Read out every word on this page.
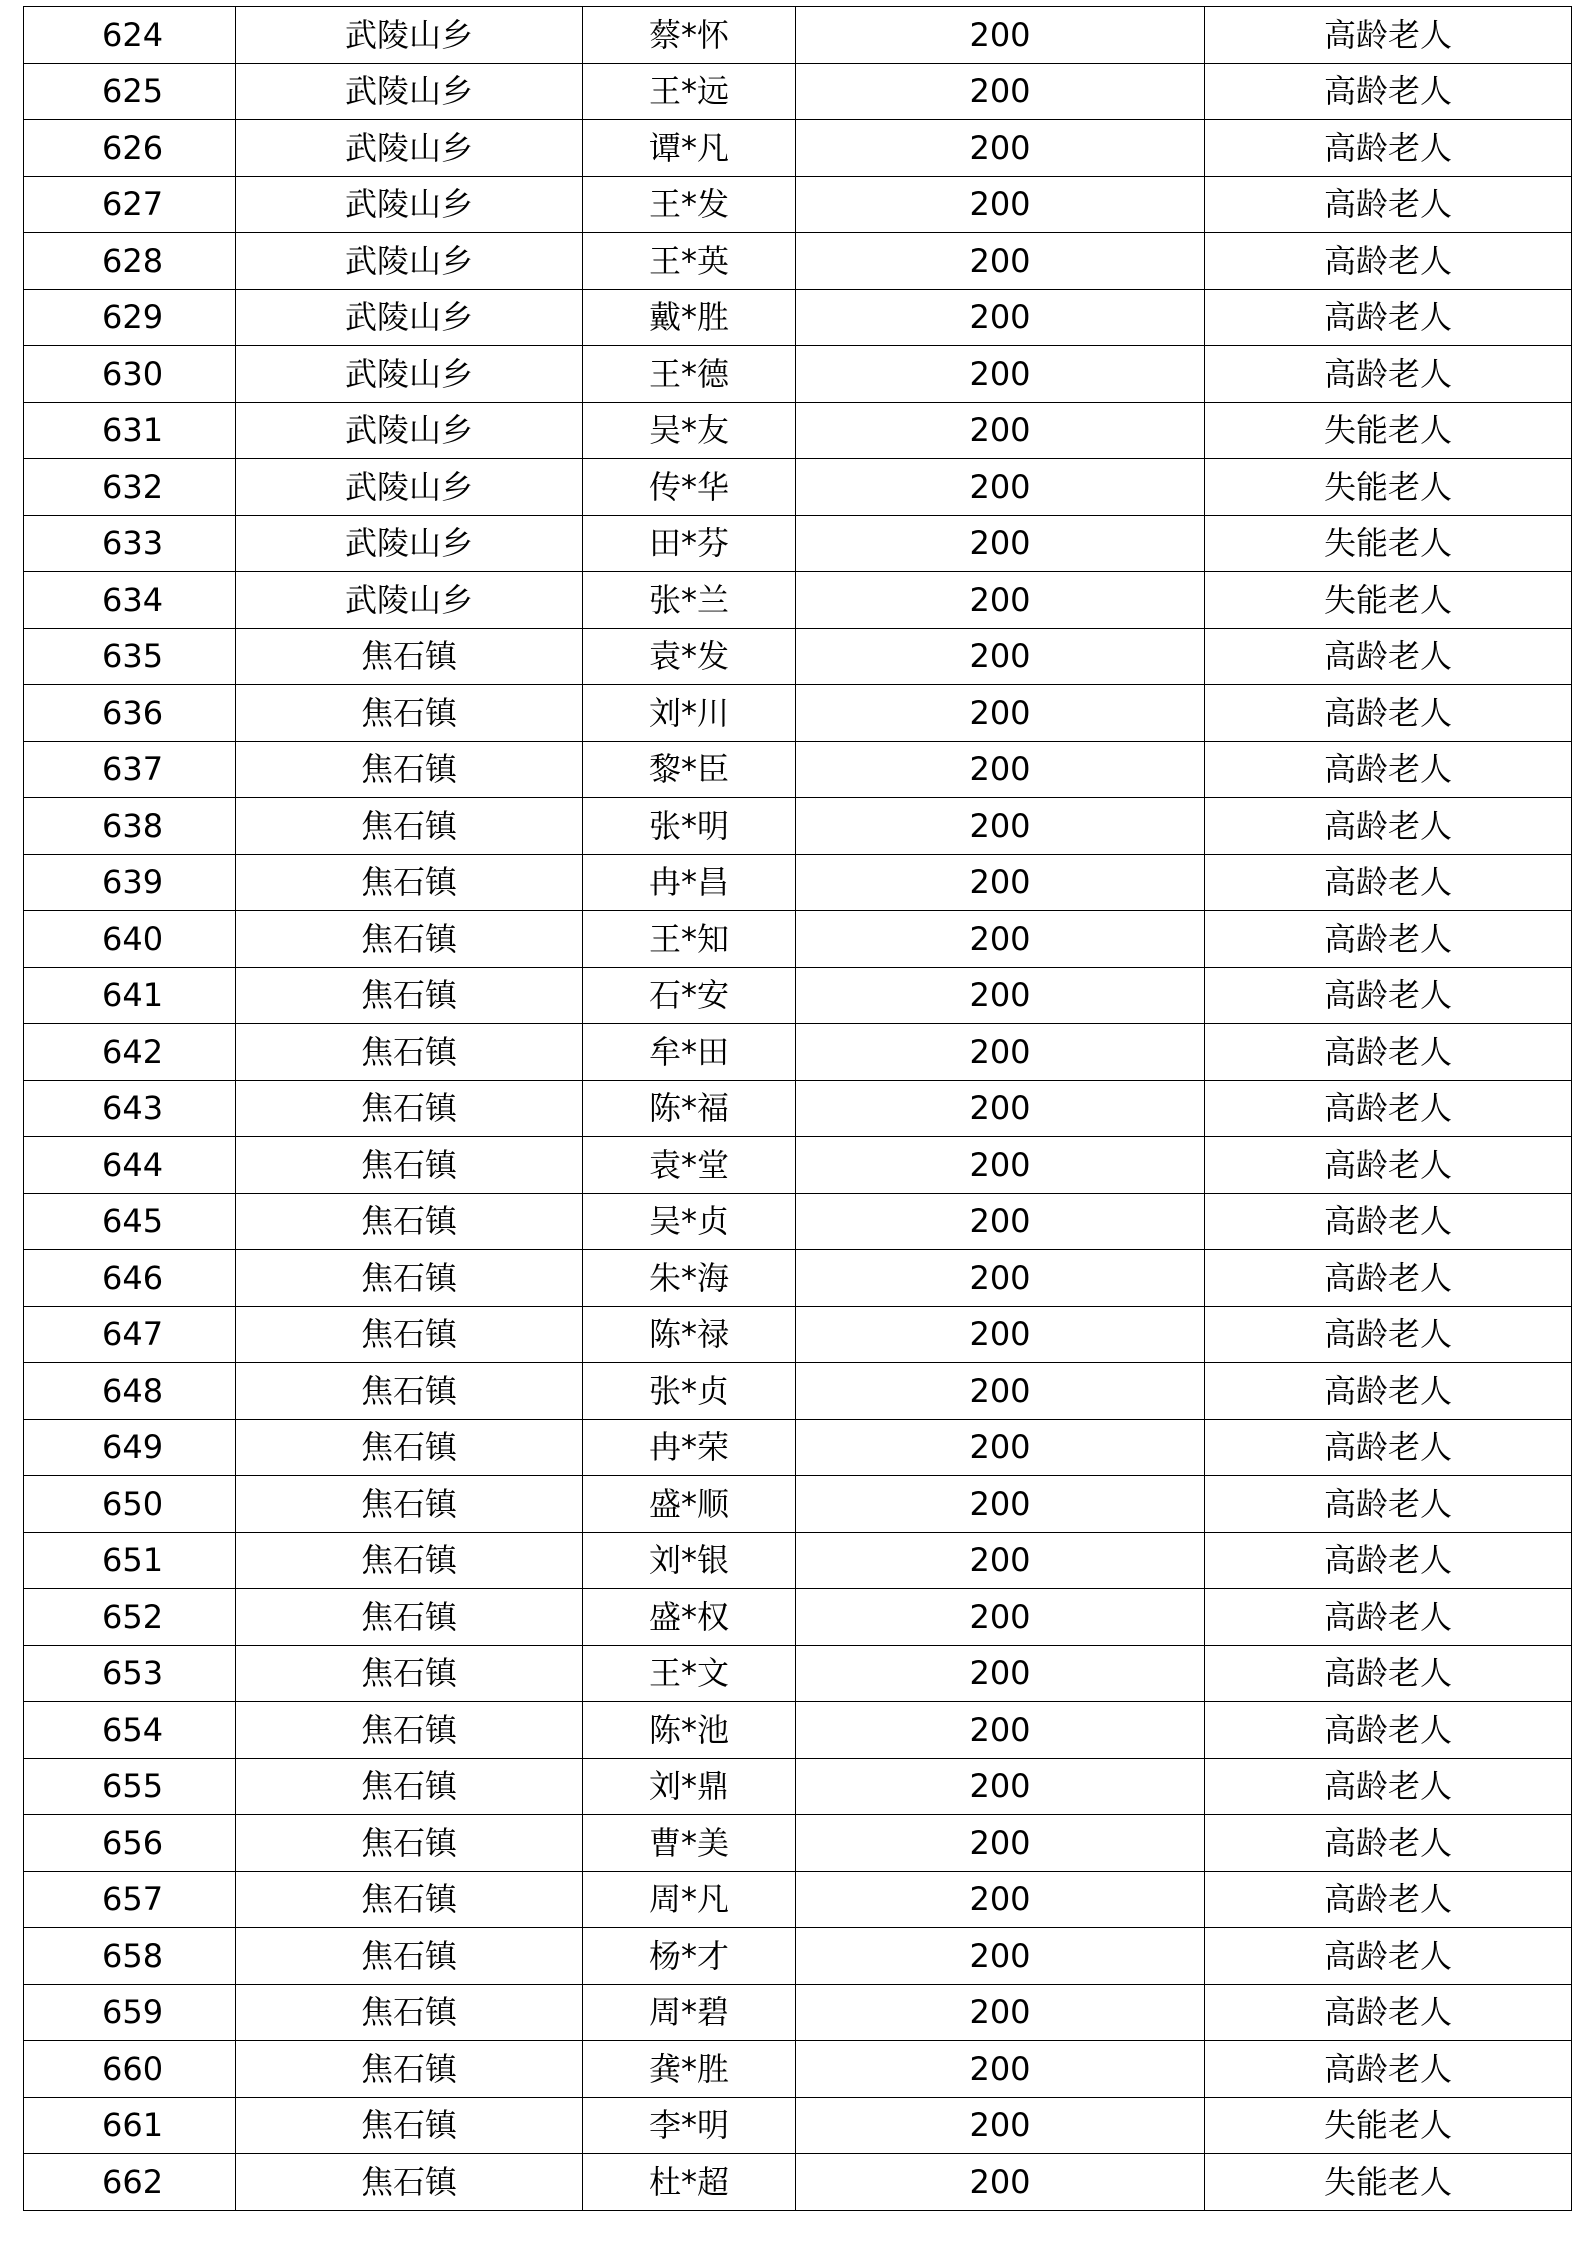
624	武陵山乡	蔡*怀	200	高龄老人
625	武陵山乡	王*远	200	高龄老人
626	武陵山乡	谭*凡	200	高龄老人
627	武陵山乡	王*发	200	高龄老人
628	武陵山乡	王*英	200	高龄老人
629	武陵山乡	戴*胜	200	高龄老人
630	武陵山乡	王*德	200	高龄老人
631	武陵山乡	吴*友	200	失能老人
632	武陵山乡	传*华	200	失能老人
633	武陵山乡	田*芬	200	失能老人
634	武陵山乡	张*兰	200	失能老人
635	焦石镇	袁*发	200	高龄老人
636	焦石镇	刘*川	200	高龄老人
637	焦石镇	黎*臣	200	高龄老人
638	焦石镇	张*明	200	高龄老人
639	焦石镇	冉*昌	200	高龄老人
640	焦石镇	王*知	200	高龄老人
641	焦石镇	石*安	200	高龄老人
642	焦石镇	牟*田	200	高龄老人
643	焦石镇	陈*福	200	高龄老人
644	焦石镇	袁*堂	200	高龄老人
645	焦石镇	吴*贞	200	高龄老人
646	焦石镇	朱*海	200	高龄老人
647	焦石镇	陈*禄	200	高龄老人
648	焦石镇	张*贞	200	高龄老人
649	焦石镇	冉*荣	200	高龄老人
650	焦石镇	盛*顺	200	高龄老人
651	焦石镇	刘*银	200	高龄老人
652	焦石镇	盛*权	200	高龄老人
653	焦石镇	王*文	200	高龄老人
654	焦石镇	陈*池	200	高龄老人
655	焦石镇	刘*鼎	200	高龄老人
656	焦石镇	曹*美	200	高龄老人
657	焦石镇	周*凡	200	高龄老人
658	焦石镇	杨*才	200	高龄老人
659	焦石镇	周*碧	200	高龄老人
660	焦石镇	龚*胜	200	高龄老人
661	焦石镇	李*明	200	失能老人
662	焦石镇	杜*超	200	失能老人
